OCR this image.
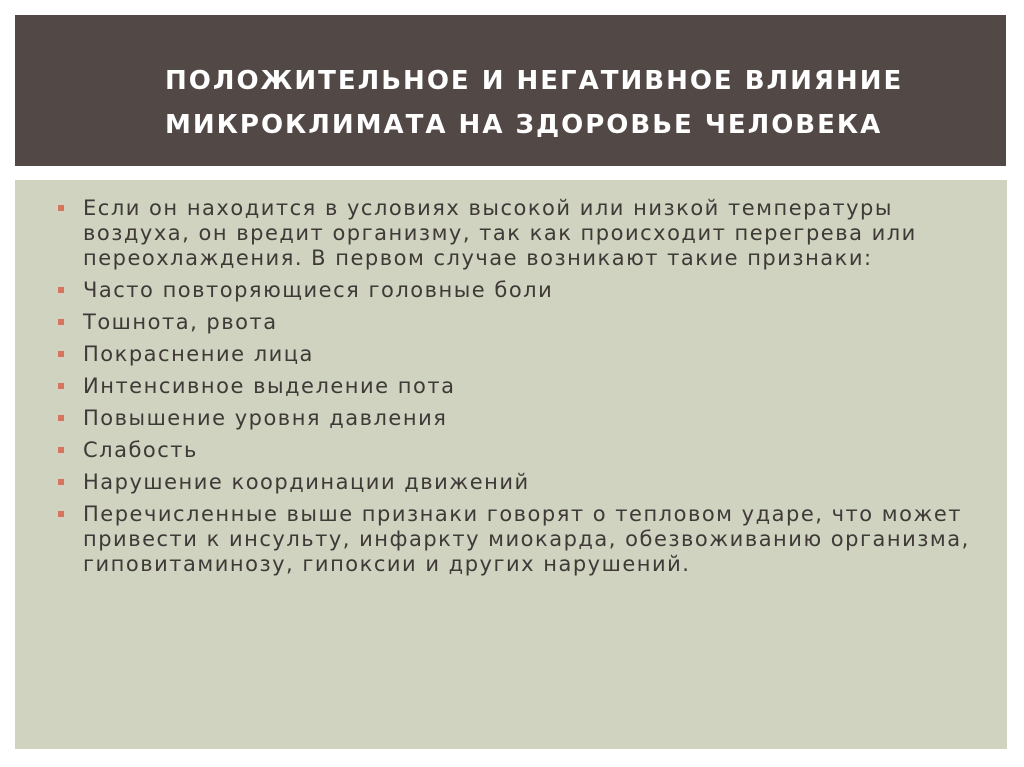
ПОЛОЖИТЕЛЬНОЕ И НЕГАТИВНОЕ ВЛИЯНИЕ
МИКРОКЛИМАТА НА ЗДОРОВЬЕ ЧЕЛОВЕКА
Если он находится в условиях высокой или низкой температуры воздуха, он вредит организму, так как происходит перегрева или переохлаждения. В первом случае возникают такие признаки:
Часто повторяющиеся головные боли
Тошнота, рвота
Покраснение лица
Интенсивное выделение пота
Повышение уровня давления
Слабость
Нарушение координации движений
Перечисленные выше признаки говорят о тепловом ударе, что может привести к инсульту, инфаркту миокарда, обезвоживанию организма, гиповитаминозу, гипоксии и других нарушений.
